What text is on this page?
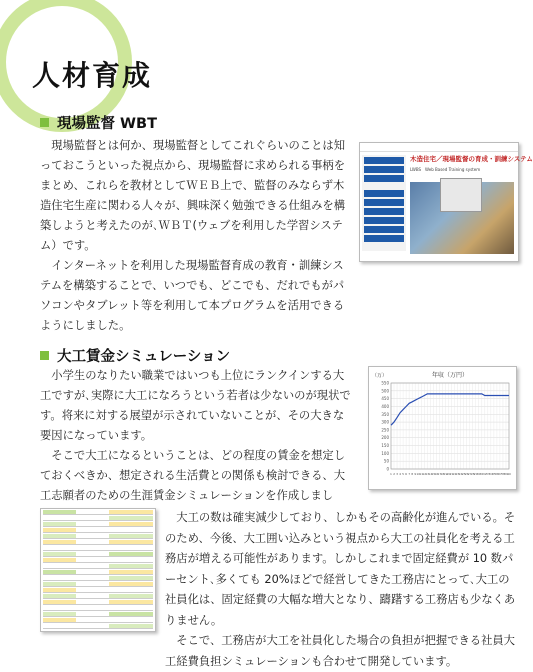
人材育成
現場監督 WBT

現場監督とは何か、現場監督としてこれぐらいのことは知っておこうといった視点から、現場監督に求められる事柄をまとめ、これらを教材としてＷＥＢ上で、監督のみならず木造住宅生産に関わる人々が、興味深く勉強できる仕組みを構築しようと考えたのが､ＷＢＴ(ウェブを利用した学習システム）です。

インターネットを利用した現場監督育成の教育・訓練システムを構築することで、いつでも、どこでも、だれでもがパソコンやタブレット等を利用して本プログラムを活用できるようにしました。

木造住宅／現場監督の育成・訓練システム
LWBS　Web Based Training system
大工賃金シミュレーション

小学生のなりたい職業ではいつも上位にランクインする大工ですが､実際に大工になろうという若者は少ないのが現状です。将来に対する展望が示されていないことが、その大きな要因になっています。

そこで大工になるということは、どの程度の賃金を想定しておくべきか、想定される生活費との関係も検討できる、大工志願者のための生涯賃金シミュレーションを作成しまし

年収（万円）
（万）
0
50
100
150
200
250
300
350
400
450
500
550
1 2 3 4 5 6 7 8 9 10 11 12 13 14 15 16 17 18 19 20 21 22 23 24 25 26 27 28 29 30 31 32 33 34 35 36 37 38 39 40

大工の数は確実減少しており、しかもその高齢化が進んでいる。そのため、今後、大工囲い込みという視点から大工の社員化を考える工務店が増える可能性があります。しかしこれまで固定経費が 10 数パーセント､多くても 20%ほどで経営してきた工務店にとって､大工の社員化は、固定経費の大幅な増大となり、躊躇する工務店も少なくありません。

そこで、工務店が大工を社員化した場合の負担が把握できる社員大工経費負担シミュレーションも合わせて開発しています。
